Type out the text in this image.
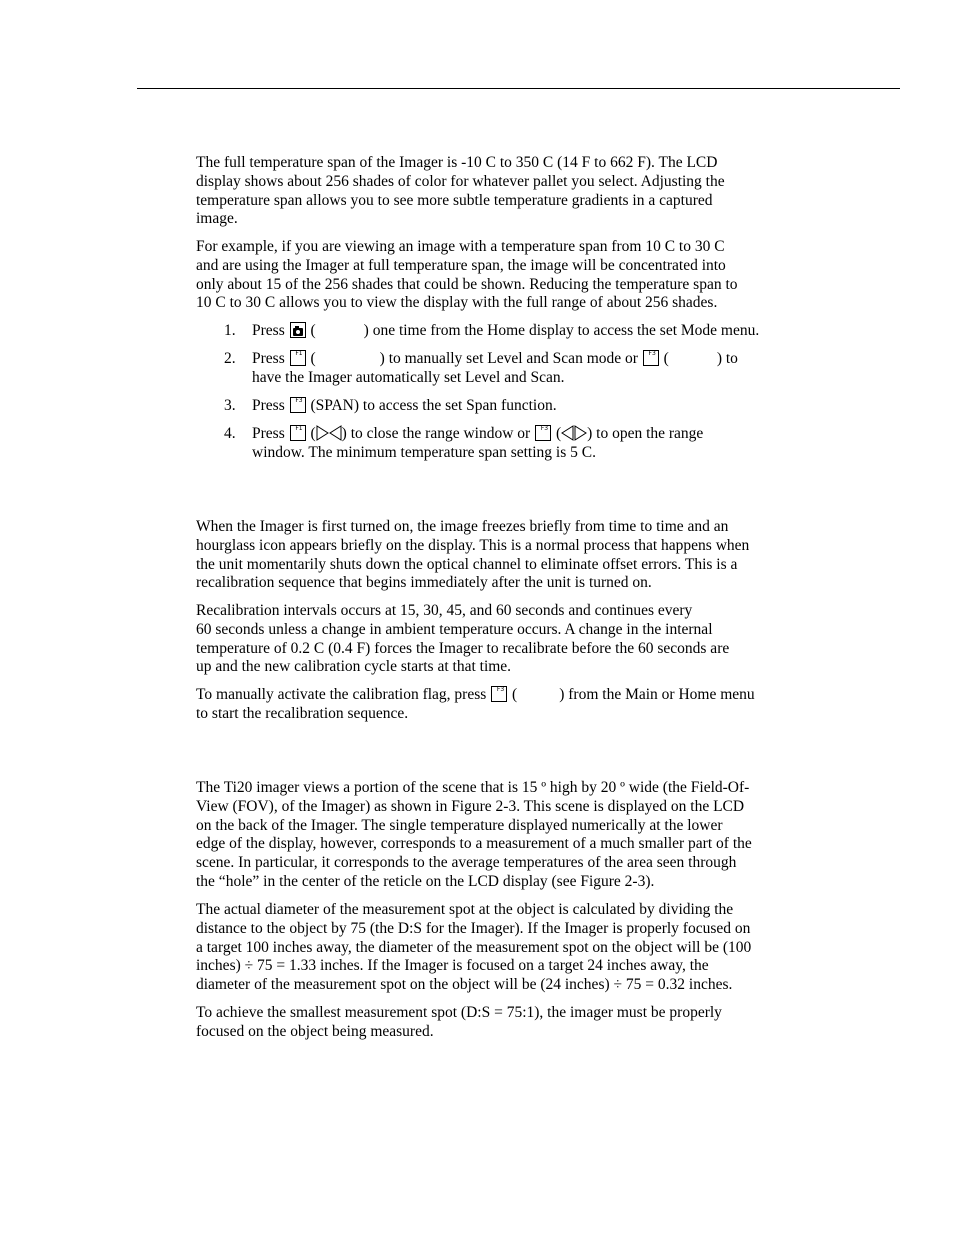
The full temperature span of the Imager is -10 C to 350 C (14 F to 662 F). The LCD
display shows about 256 shades of color for whatever pallet you select. Adjusting the
temperature span allows you to see more subtle temperature gradients in a captured
image.

For example, if you are viewing an image with a temperature span from 10 C to 30 C
and are using the Imager at full temperature span, the image will be concentrated into
only about 15 of the 256 shades that could be shown. Reducing the temperature span to
10 C to 30 C allows you to view the display with the full range of about 256 shades.

1. Press (	) one time from the Home display to access the set Mode menu.
2. Press F1 (	) to manually set Level and Scan mode or F3 (	) to
have the Imager automatically set Level and Scan.
3. Press F3 (SPAN) to access the set Span function.
4. Press F1 ( ) to close the range window or F3 ( ) to open the range
window. The minimum temperature span setting is 5 C.

When the Imager is first turned on, the image freezes briefly from time to time and an
hourglass icon appears briefly on the display. This is a normal process that happens when
the unit momentarily shuts down the optical channel to eliminate offset errors. This is a
recalibration sequence that begins immediately after the unit is turned on.

Recalibration intervals occurs at 15, 30, 45, and 60 seconds and continues every
60 seconds unless a change in ambient temperature occurs. A change in the internal
temperature of 0.2 C (0.4 F) forces the Imager to recalibrate before the 60 seconds are
up and the new calibration cycle starts at that time.

To manually activate the calibration flag, press F3 (	) from the Main or Home menu
to start the recalibration sequence.

The Ti20 imager views a portion of the scene that is 15 º high by 20 º wide (the Field-Of-
View (FOV), of the Imager) as shown in Figure 2-3. This scene is displayed on the LCD
on the back of the Imager. The single temperature displayed numerically at the lower
edge of the display, however, corresponds to a measurement of a much smaller part of the
scene. In particular, it corresponds to the average temperatures of the area seen through
the “hole” in the center of the reticle on the LCD display (see Figure 2-3).

The actual diameter of the measurement spot at the object is calculated by dividing the
distance to the object by 75 (the D:S for the Imager). If the Imager is properly focused on
a target 100 inches away, the diameter of the measurement spot on the object will be (100
inches) ÷ 75 = 1.33 inches. If the Imager is focused on a target 24 inches away, the
diameter of the measurement spot on the object will be (24 inches) ÷ 75 = 0.32 inches.

To achieve the smallest measurement spot (D:S = 75:1), the imager must be properly
focused on the object being measured.
